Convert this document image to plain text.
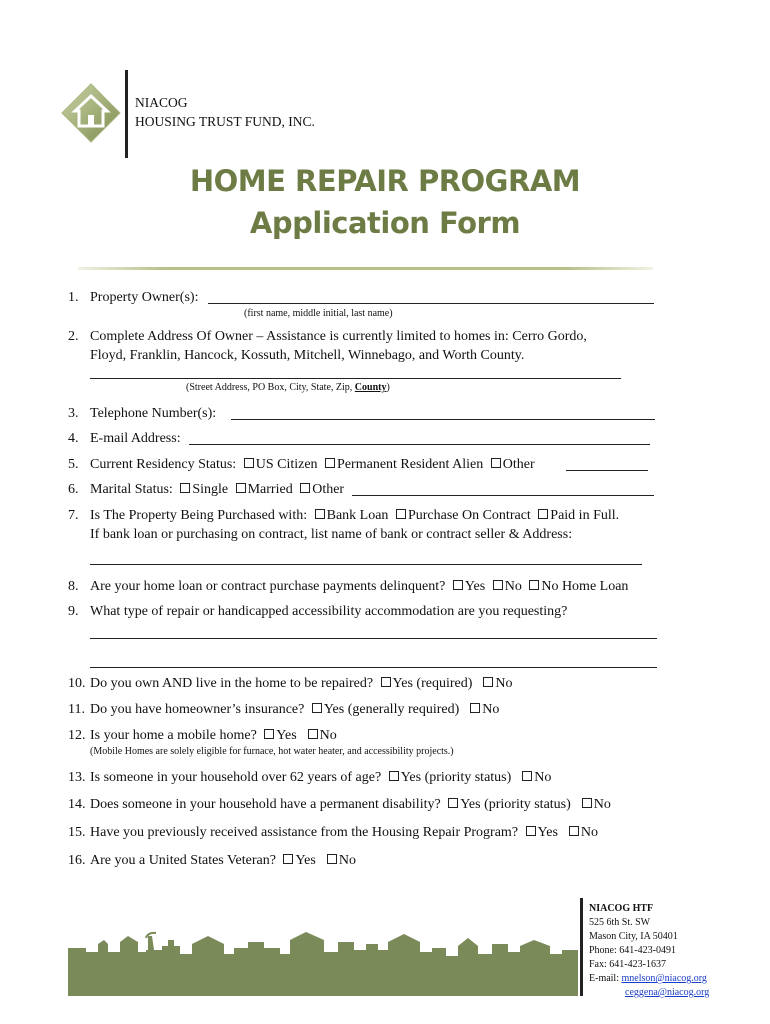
NIACOG
HOUSING TRUST FUND, INC.
HOME REPAIR PROGRAM
Application Form
1. Property Owner(s):
(first name, middle initial, last name)
2. Complete Address Of Owner – Assistance is currently limited to homes in: Cerro Gordo,
Floyd, Franklin, Hancock, Kossuth, Mitchell, Winnebago, and Worth County.
(Street Address, PO Box, City, State, Zip, County)
3. Telephone Number(s):
4. E-mail Address:
5. Current Residency Status: US Citizen Permanent Resident Alien Other
6. Marital Status: Single Married Other
7. Is The Property Being Purchased with: Bank Loan Purchase On Contract Paid in Full.
If bank loan or purchasing on contract, list name of bank or contract seller & Address:
8. Are your home loan or contract purchase payments delinquent? Yes No No Home Loan
9. What type of repair or handicapped accessibility accommodation are you requesting?
10. Do you own AND live in the home to be repaired? Yes (required) No
11. Do you have homeowner’s insurance? Yes (generally required) No
12. Is your home a mobile home? Yes No
(Mobile Homes are solely eligible for furnace, hot water heater, and accessibility projects.)
13. Is someone in your household over 62 years of age? Yes (priority status) No
14. Does someone in your household have a permanent disability? Yes (priority status) No
15. Have you previously received assistance from the Housing Repair Program? Yes No
16. Are you a United States Veteran? Yes No
NIACOG HTF
525 6th St. SW
Mason City, IA 50401
Phone: 641-423-0491
Fax: 641-423-1637
E-mail: mnelson@niacog.org
ceggena@niacog.org
